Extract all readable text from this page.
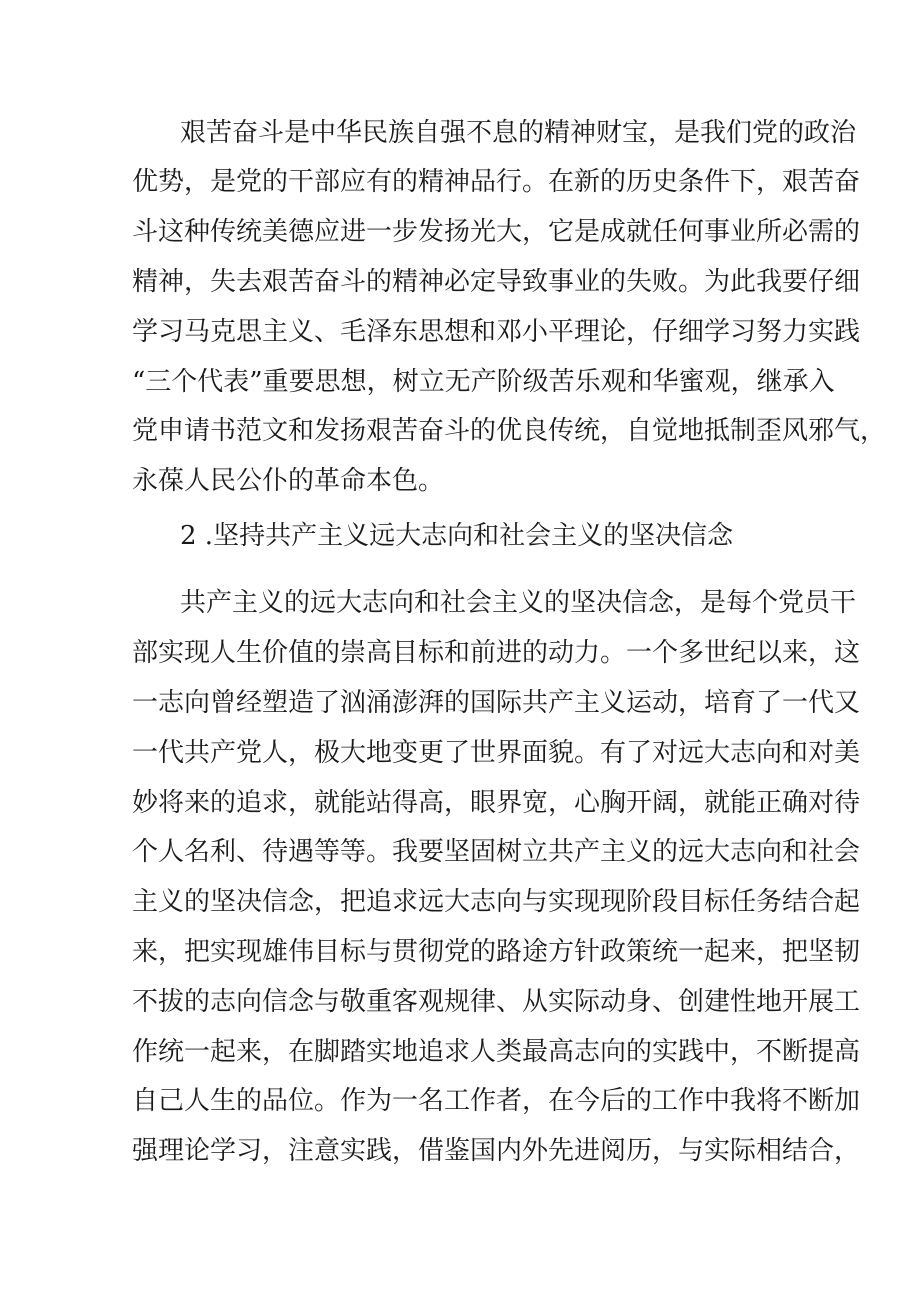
艰苦奋斗是中华民族自强不息的精神财宝，是我们党的政治
优势，是党的干部应有的精神品行。在新的历史条件下，艰苦奋
斗这种传统美德应进一步发扬光大，它是成就任何事业所必需的
精神，失去艰苦奋斗的精神必定导致事业的失败。为此我要仔细
学习马克思主义、毛泽东思想和邓小平理论，仔细学习努力实践
“三个代表”重要思想，树立无产阶级苦乐观和华蜜观，继承入
党申请书范文和发扬艰苦奋斗的优良传统，自觉地抵制歪风邪气，
永葆人民公仆的革命本色。
2 .坚持共产主义远大志向和社会主义的坚决信念
共产主义的远大志向和社会主义的坚决信念，是每个党员干
部实现人生价值的崇高目标和前进的动力。一个多世纪以来，这
一志向曾经塑造了汹涌澎湃的国际共产主义运动，培育了一代又
一代共产党人，极大地变更了世界面貌。有了对远大志向和对美
妙将来的追求，就能站得高，眼界宽，心胸开阔，就能正确对待
个人名利、待遇等等。我要坚固树立共产主义的远大志向和社会
主义的坚决信念，把追求远大志向与实现现阶段目标任务结合起
来，把实现雄伟目标与贯彻党的路途方针政策统一起来，把坚韧
不拔的志向信念与敬重客观规律、从实际动身、创建性地开展工
作统一起来，在脚踏实地追求人类最高志向的实践中，不断提高
自己人生的品位。作为一名工作者，在今后的工作中我将不断加
强理论学习，注意实践，借鉴国内外先进阅历，与实际相结合，
